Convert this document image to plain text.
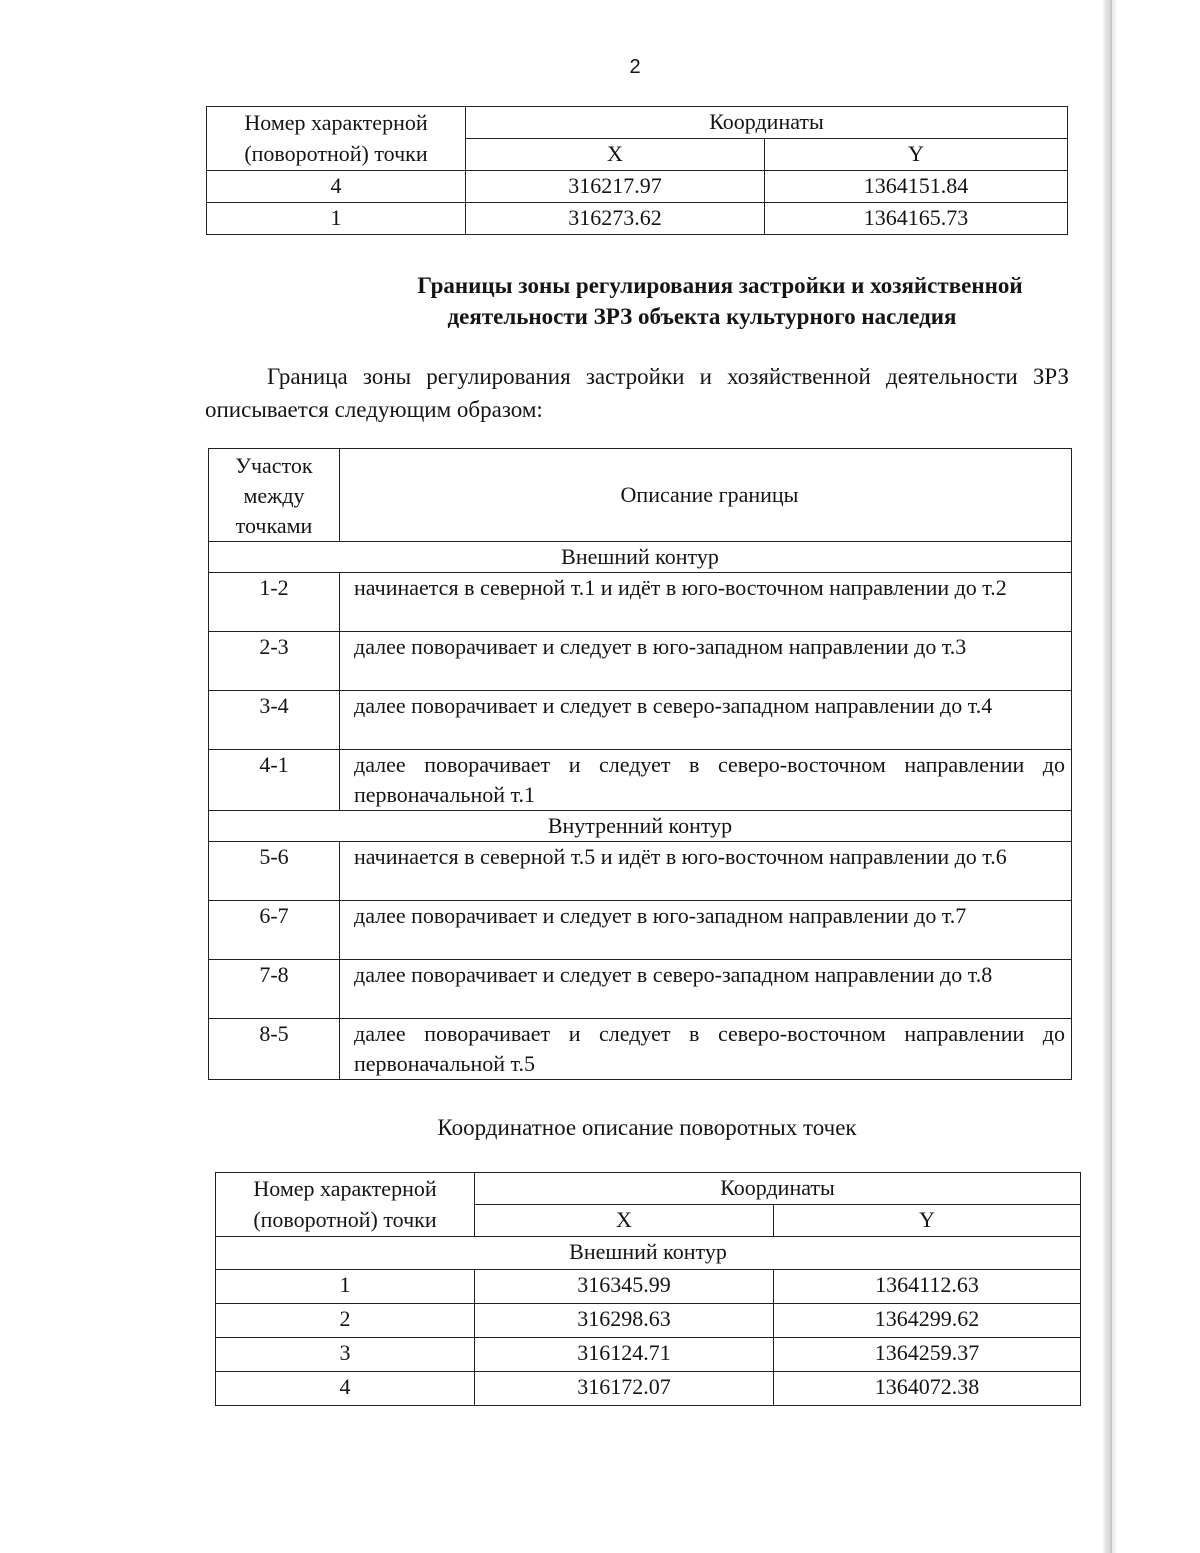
2
Номер характерной
(поворотной) точки	Координаты	
	X	Y
4	316217.97	1364151.84
1	316273.62	1364165.73
Границы зоны регулирования застройки и хозяйственной
деятельности ЗРЗ объекта культурного наследия
Граница зоны регулирования застройки и хозяйственной деятельности ЗРЗ описывается следующим образом:
Участок
между
точками	Описание границы
Внешний контур	
1-2	начинается в северной т.1 и идёт в юго-восточном направлении до т.2
2-3	далее поворачивает и следует в юго-западном направлении до т.3
3-4	далее поворачивает и следует в северо-западном направлении до т.4
4-1	далее поворачивает и следует в северо-восточном направлении до первоначальной т.1
Внутренний контур	
5-6	начинается в северной т.5 и идёт в юго-восточном направлении до т.6
6-7	далее поворачивает и следует в юго-западном направлении до т.7
7-8	далее поворачивает и следует в северо-западном направлении до т.8
8-5	далее поворачивает и следует в северо-восточном направлении до первоначальной т.5
Координатное описание поворотных точек
Номер характерной
(поворотной) точки	Координаты	
	X	Y
Внешний контур		
1	316345.99	1364112.63
2	316298.63	1364299.62
3	316124.71	1364259.37
4	316172.07	1364072.38
